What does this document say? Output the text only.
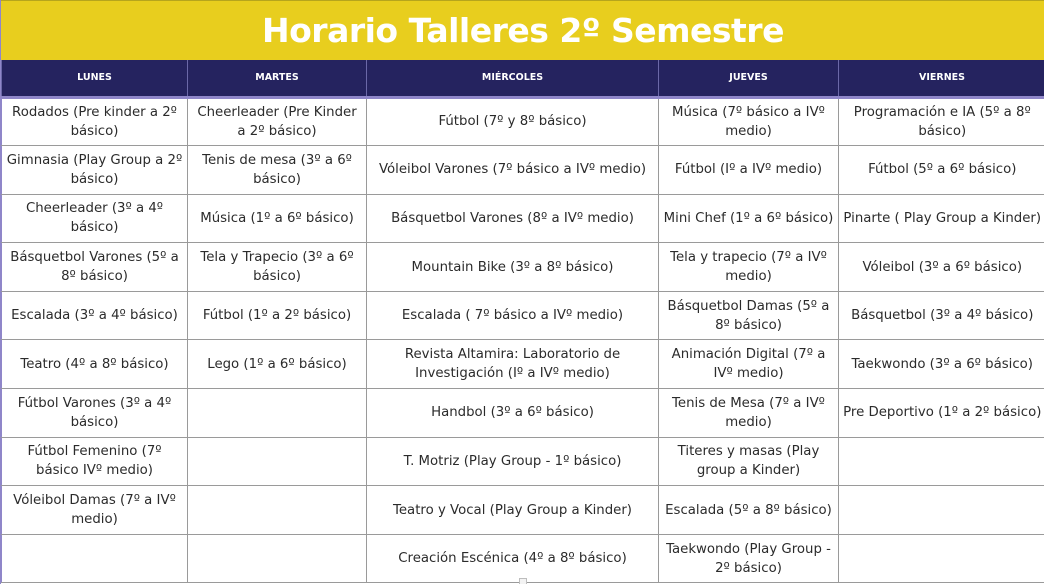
Horario Talleres 2º Semestre
LUNES	MARTES	MIÉRCOLES	JUEVES	VIERNES
Rodados (Pre kinder a 2º básico)	Cheerleader (Pre Kinder a 2º básico)	Fútbol (7º y 8º básico)	Música (7º básico a IVº medio)	Programación e IA (5º a 8º básico)
Gimnasia (Play Group a 2º básico)	Tenis de mesa (3º a 6º básico)	Vóleibol Varones (7º básico a IVº medio)	Fútbol (Iº a IVº medio)	Fútbol (5º a 6º básico)
Cheerleader (3º a 4º básico)	Música (1º a 6º básico)	Básquetbol Varones (8º a IVº medio)	Mini Chef (1º a 6º básico)	Pinarte ( Play Group a Kinder)
Básquetbol Varones (5º a 8º básico)	Tela y Trapecio (3º a 6º básico)	Mountain Bike (3º a 8º básico)	Tela y trapecio (7º a IVº medio)	Vóleibol (3º a 6º básico)
Escalada (3º a 4º básico)	Fútbol (1º a 2º básico)	Escalada ( 7º básico a IVº medio)	Básquetbol Damas (5º a 8º básico)	Básquetbol (3º a 4º básico)
Teatro (4º a 8º básico)	Lego (1º a 6º básico)	Revista Altamira: Laboratorio de Investigación (Iº a IVº medio)	Animación Digital (7º a IVº medio)	Taekwondo (3º a 6º básico)
Fútbol Varones (3º a 4º básico)		Handbol (3º a 6º básico)	Tenis de Mesa (7º a IVº medio)	Pre Deportivo (1º a 2º básico)
Fútbol Femenino (7º básico IVº medio)		T. Motriz (Play Group - 1º básico)	Titeres y masas (Play group a Kinder)	
Vóleibol Damas (7º a IVº medio)		Teatro y Vocal (Play Group a Kinder)	Escalada (5º a 8º básico)	
		Creación Escénica (4º a 8º básico)	Taekwondo (Play Group - 2º básico)	
